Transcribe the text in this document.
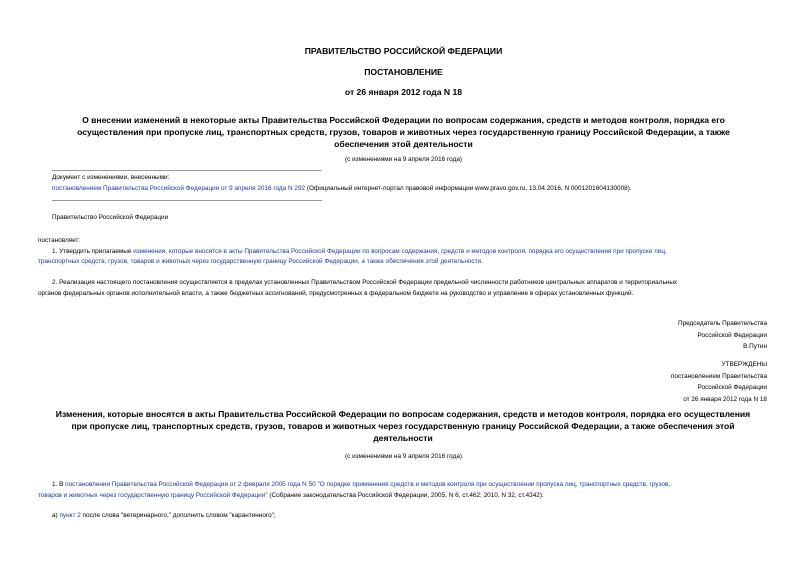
ПРАВИТЕЛЬСТВО РОССИЙСКОЙ ФЕДЕРАЦИИ
ПОСТАНОВЛЕНИЕ
от 26 января 2012 года N 18
О внесении изменений в некоторые акты Правительства Российской Федерации по вопросам содержания, средств и методов контроля, порядка его
осуществления при пропуске лиц, транспортных средств, грузов, товаров и животных через государственную границу Российской Федерации, а также
обеспечения этой деятельности
(с изменениями на 9 апреля 2016 года)
Документ с изменениями, внесенными:
постановлением Правительства Российской Федерации от 9 апреля 2016 года N 292 (Официальный интернет-портал правовой информации www.pravo.gov.ru, 13.04.2016, N 0001201604130008).
Правительство Российской Федерации
постановляет:
1. Утвердить прилагаемые изменения, которые вносятся в акты Правительства Российской Федерации по вопросам содержания, средств и методов контроля, порядка его осуществления при пропуске лиц,
транспортных средств, грузов, товаров и животных через государственную границу Российской Федерации, а также обеспечения этой деятельности.
2. Реализация настоящего постановления осуществляется в пределах установленных Правительством Российской Федерации предельной численности работников центральных аппаратов и территориальных
органов федеральных органов исполнительной власти, а также бюджетных ассигнований, предусмотренных в федеральном бюджете на руководство и управление в сферах установленных функций.
Председатель Правительства
Российской Федерации
В.Путин
УТВЕРЖДЕНЫ
постановлением Правительства
Российской Федерации
от 26 января 2012 года N 18
Изменения, которые вносятся в акты Правительства Российской Федерации по вопросам содержания, средств и методов контроля, порядка его осуществления
при пропуске лиц, транспортных средств, грузов, товаров и животных через государственную границу Российской Федерации, а также обеспечения этой
деятельности
(с изменениями на 9 апреля 2016 года)
1. В постановлении Правительства Российской Федерации от 2 февраля 2005 года N 50 "О порядке применения средств и методов контроля при осуществлении пропуска лиц, транспортных средств, грузов,
товаров и животных через государственную границу Российской Федерации" (Собрание законодательства Российской Федерации, 2005, N 6, ст.462; 2010, N 32, ст.4342):
а) пункт 2 после слова "ветеринарного," дополнить словом "карантинного";
